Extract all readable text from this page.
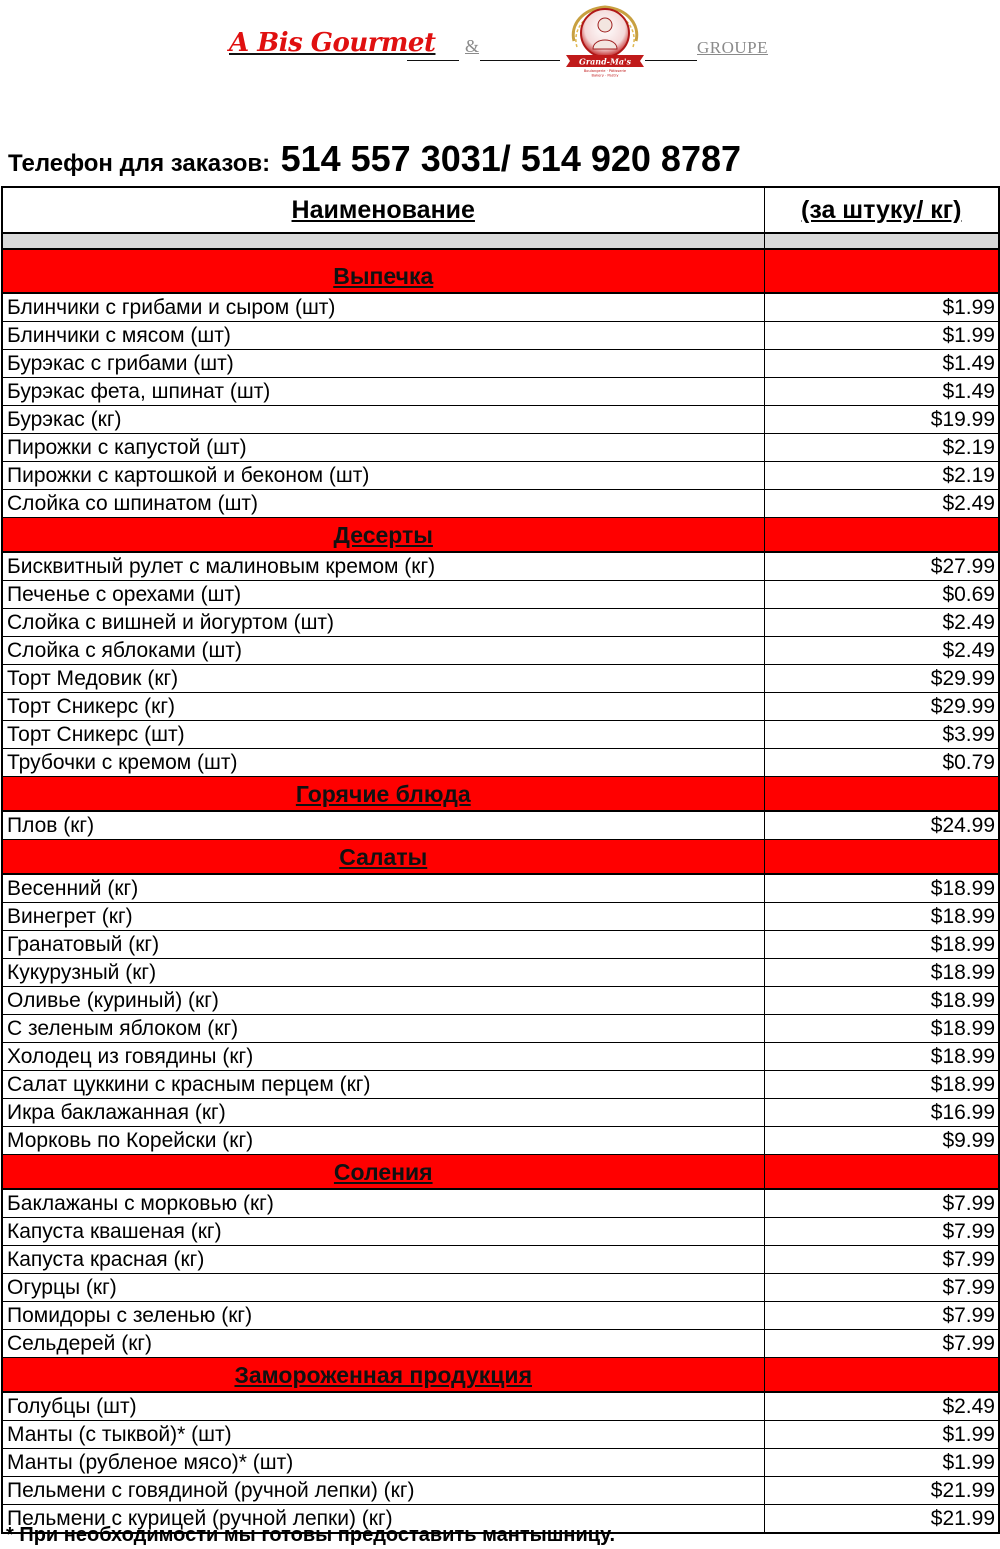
A Bis Gourmet &
Grand-Ma's
Boulangerie · Pâtisserie
Bakery · Pastry
GROUPE
Телефон для заказов: 514 557 3031/ 514 920 8787
Наименование	(за штуку/ кг)

Выпечка	
Блинчики с грибами и сыром (шт)	$1.99
Блинчики с мясом (шт)	$1.99
Бурэкас с грибами (шт)	$1.49
Бурэкас фета, шпинат (шт)	$1.49
Бурэкас (кг)	$19.99
Пирожки с капустой (шт)	$2.19
Пирожки с картошкой и беконом (шт)	$2.19
Слойка со шпинатом (шт)	$2.49
Десерты	
Бисквитный рулет с малиновым кремом (кг)	$27.99
Печенье с орехами (шт)	$0.69
Слойка с вишней и йогуртом (шт)	$2.49
Слойка с яблоками (шт)	$2.49
Торт Медовик (кг)	$29.99
Торт Сникерс (кг)	$29.99
Торт Сникерс (шт)	$3.99
Трубочки с кремом (шт)	$0.79
Горячие блюда	
Плов (кг)	$24.99
Салаты	
Весенний (кг)	$18.99
Винегрет (кг)	$18.99
Гранатовый (кг)	$18.99
Кукурузный (кг)	$18.99
Оливье (куриный) (кг)	$18.99
С зеленым яблоком (кг)	$18.99
Холодец из говядины (кг)	$18.99
Салат цуккини с красным перцем (кг)	$18.99
Икра баклажанная (кг)	$16.99
Морковь по Корейски (кг)	$9.99
Соления	
Баклажаны с морковью (кг)	$7.99
Капуста квашеная (кг)	$7.99
Капуста красная (кг)	$7.99
Огурцы (кг)	$7.99
Помидоры с зеленью (кг)	$7.99
Сельдерей (кг)	$7.99
Замороженная продукция	
Голубцы (шт)	$2.49
Манты (с тыквой)* (шт)	$1.99
Манты (рубленое мясо)* (шт)	$1.99
Пельмени с говядиной (ручной лепки) (кг)	$21.99
Пельмени с курицей (ручной лепки) (кг)	$21.99
* При необходимости мы готовы предоставить мантышницу.
